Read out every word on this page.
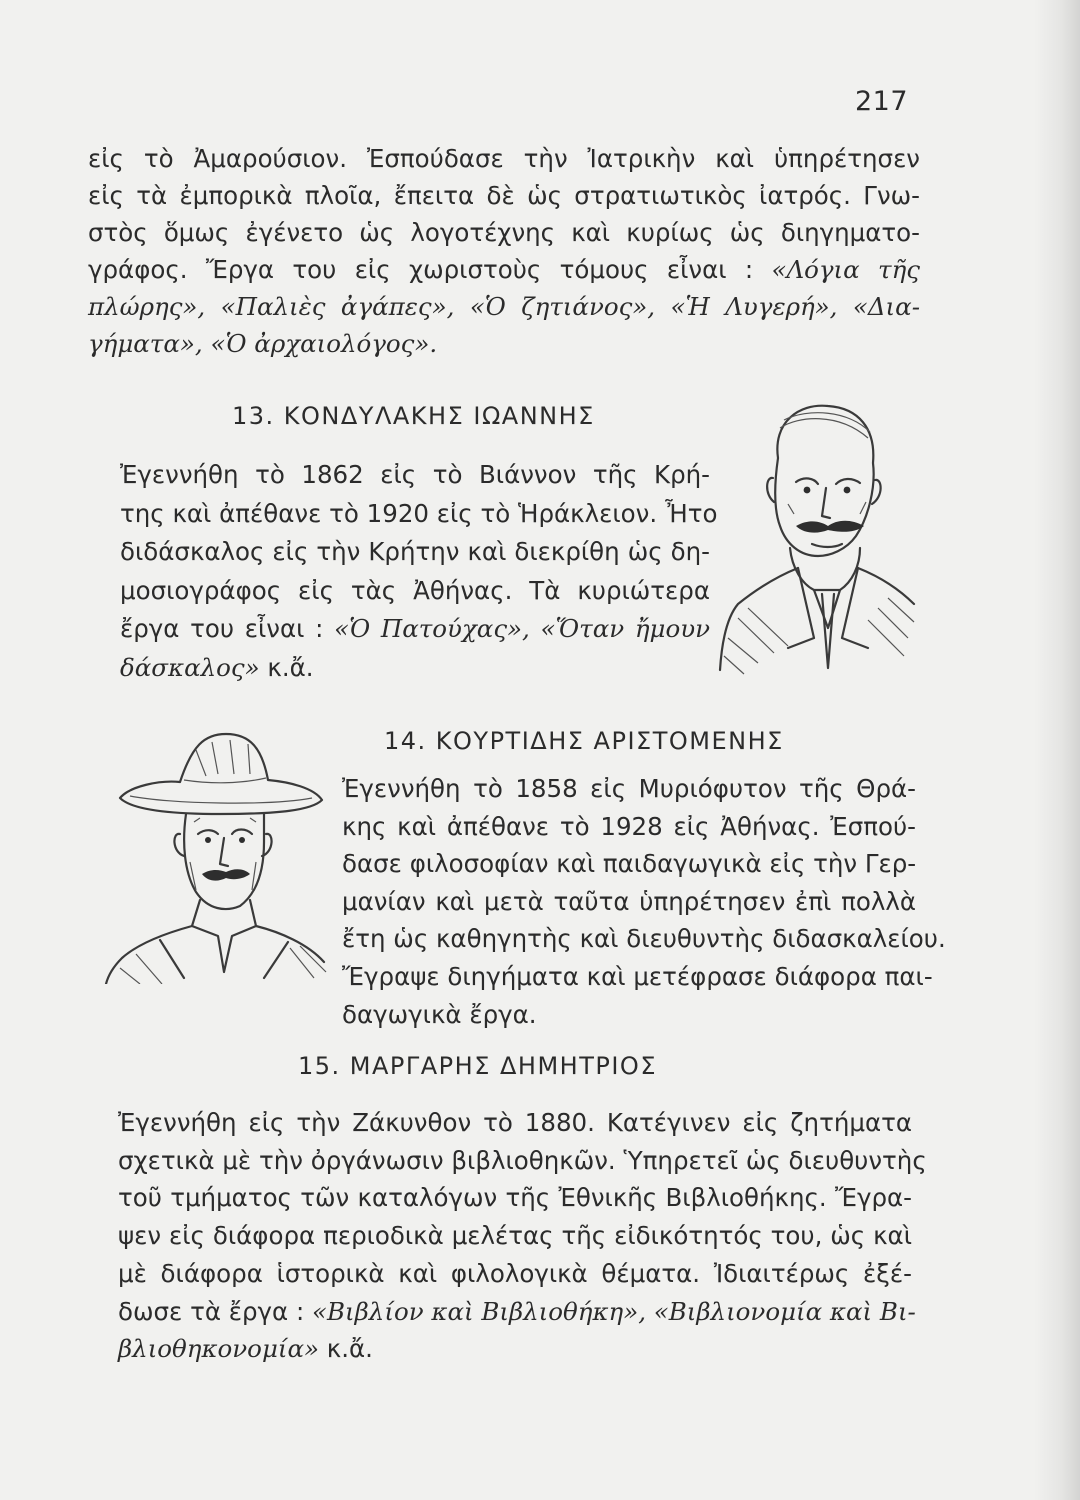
217
εἰς τὸ Ἀμαρούσιον. Ἐσπούδασε τὴν Ἰατρικὴν καὶ ὑπηρέτησεν
εἰς τὰ ἐμπορικὰ πλοῖα, ἔπειτα δὲ ὡς στρατιωτικὸς ἰατρός. Γνω-
στὸς ὅμως ἐγένετο ὡς λογοτέχνης καὶ κυρίως ὡς διηγηματο-
γράφος. Ἔργα του εἰς χωριστοὺς τόμους εἶναι : «Λόγια τῆς
πλώρης», «Παλιὲς ἀγάπες», «Ὁ ζητιάνος», «Ἡ Λυγερή», «Δια-
γήματα», «Ὁ ἀρχαιολόγος».
13. ΚΟΝΔΥΛΑΚΗΣ ΙΩΑΝΝΗΣ
Ἐγεννήθη τὸ 1862 εἰς τὸ Βιάννον τῆς Κρή-
της καὶ ἀπέθανε τὸ 1920 εἰς τὸ Ἡράκλειον. Ἦτο
διδάσκαλος εἰς τὴν Κρήτην καὶ διεκρίθη ὡς δη-
μοσιογράφος εἰς τὰς Ἀθήνας. Τὰ κυριώτερα
ἔργα του εἶναι : «Ὁ Πατούχας», «Ὅταν ἤμουν
δάσκαλος» κ.ἄ.
14. ΚΟΥΡΤΙΔΗΣ ΑΡΙΣΤΟΜΕΝΗΣ
Ἐγεννήθη τὸ 1858 εἰς Μυριόφυτον τῆς Θρά-
κης καὶ ἀπέθανε τὸ 1928 εἰς Ἀθήνας. Ἐσπού-
δασε φιλοσοφίαν καὶ παιδαγωγικὰ εἰς τὴν Γερ-
μανίαν καὶ μετὰ ταῦτα ὑπηρέτησεν ἐπὶ πολλὰ
ἔτη ὡς καθηγητὴς καὶ διευθυντὴς διδασκαλείου.
Ἔγραψε διηγήματα καὶ μετέφρασε διάφορα παι-
δαγωγικὰ ἔργα.
15. ΜΑΡΓΑΡΗΣ ΔΗΜΗΤΡΙΟΣ
Ἐγεννήθη εἰς τὴν Ζάκυνθον τὸ 1880. Κατέγινεν εἰς ζητήματα
σχετικὰ μὲ τὴν ὀργάνωσιν βιβλιοθηκῶν. Ὑπηρετεῖ ὡς διευθυντὴς
τοῦ τμήματος τῶν καταλόγων τῆς Ἐθνικῆς Βιβλιοθήκης. Ἔγρα-
ψεν εἰς διάφορα περιοδικὰ μελέτας τῆς εἰδικότητός του, ὡς καὶ
μὲ διάφορα ἱστορικὰ καὶ φιλολογικὰ θέματα. Ἰδιαιτέρως ἐξέ-
δωσε τὰ ἔργα : «Βιβλίον καὶ Βιβλιοθήκη», «Βιβλιονομία καὶ Βι-
βλιοθηκονομία» κ.ἄ.
